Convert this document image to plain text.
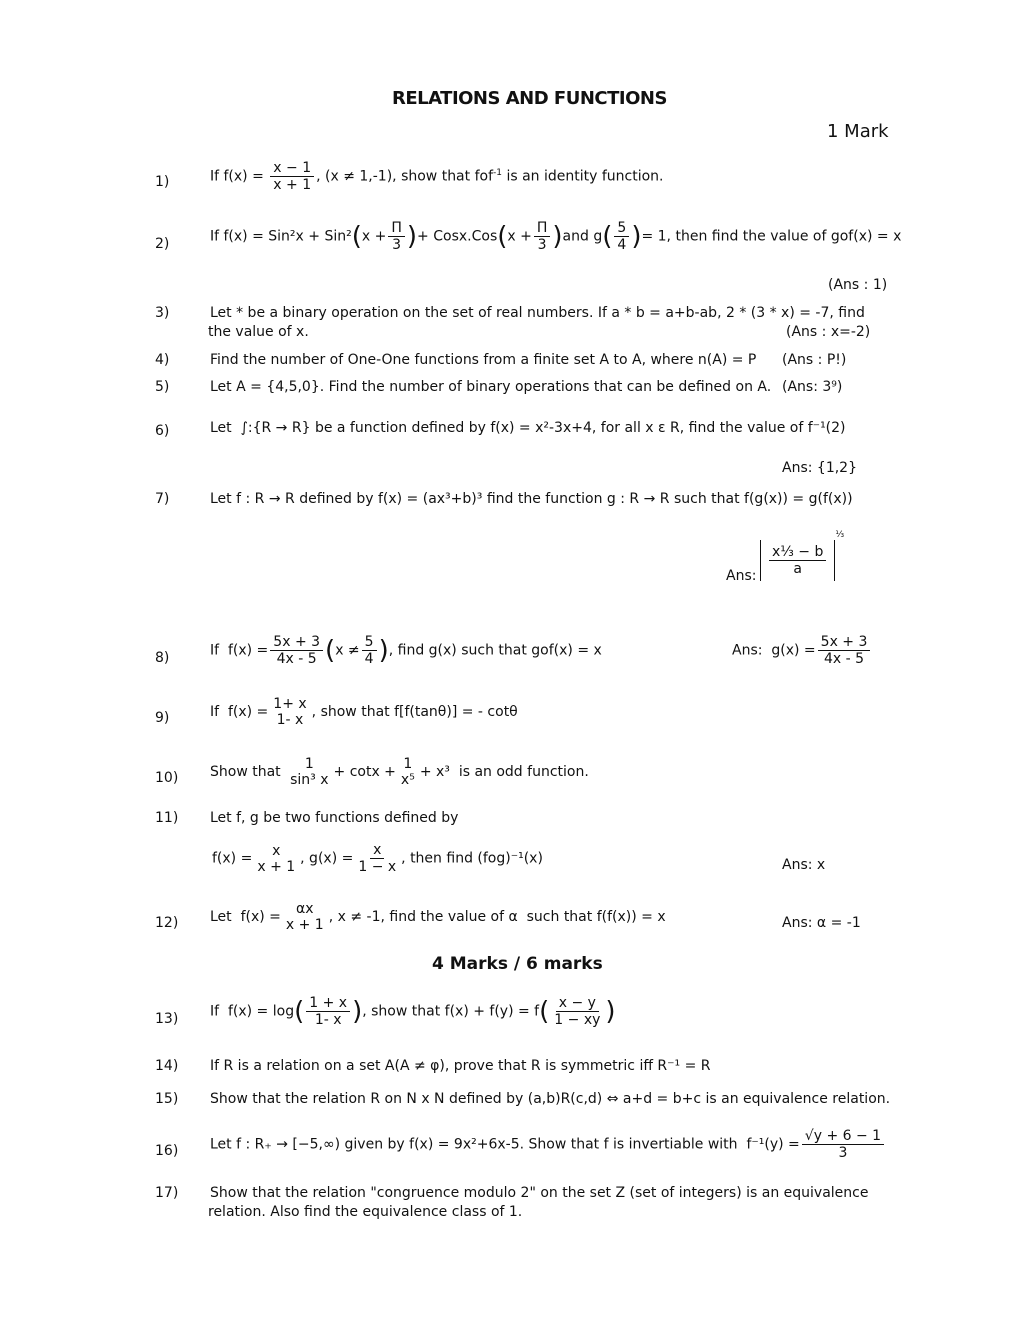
RELATIONS AND FUNCTIONS
1 Mark
1)	If $f(x) = \frac{x - 1}{x + 1}$ , (x ≠ 1,-1), show that fof$^{-1}$ is an identity function.
2)	If $f(x) = Sin^2x + Sin^2(x + \frac{\Pi}{3}$ )+ Cosx.Cos(x + $\frac{\Pi}{3} )and$ $g( \frac{5}{4}$ )= 1, then find the value of gof(x) = x
(Ans : 1)
3)	Let * be a binary operation on the set of real numbers. If a * b = a+b-ab, 2 * (3 * x) = -7, find
the value of x.	(Ans : x=-2)
4)	Find the number of One-One functions from a finite set A to A, where n(A) = P (Ans : P!)
5)	Let A = {4,5,0}. Find the number of binary operations that can be defined on A. (Ans: 3⁹)
6)	Let ∫:{R → R} be a function defined by f(x) = x²-3x+4, for all x ε R, find the value of f⁻¹(2)
Ans: {1,2}
7)	Let f : R → R defined by f(x) = (ax³+b)³ find the function g : R → R such that f(g(x)) = g(f(x))
Ans: $\frac{\text{x⅓ − b}}{a}$
$^{\frac{1}{3}}$
8)	If $f(x) = \frac{5x + 3}{4x - 5} (x \ne \frac{5}{4}$ ), find g(x) such that gof(x) = x	Ans: $g(x) = \frac{5x + 3}{4x - 5}$
9)	If f(x) =
1+ x
1- x , show that f[f(tanθ)] = - cotθ
10) Show that
1
sin³ x + cotx +
1
x⁵ + x³ is an odd function.
11) Let f, g be two functions defined by
f(x) =
x
x + 1 , $g(x) = \frac{x}{1 - x}$ , then find (fog)⁻¹(x)	Ans: x
12) Let f(x) =
αx
x + 1 , x ≠ -1, find the value of α such that f(f(x)) = x	Ans: α = -1
4 Marks / 6 marks
13) If $f(x) = \log( \frac{1 + x}{1- x}$ ), show that $f(x) + f(y) = f( \frac{x - y}{1 - xy}$ )
14) If R is a relation on a set A(A ≠ φ), prove that R is symmetric iff R⁻¹ = R
15) Show that the relation R on N x N defined by (a,b)R(c,d) ⇔ a+d = b+c is an equivalence relation.
16) Let f : R₊ → [−5,∞) given by f(x) = 9x²+6x-5. Show that f is invertiable with $f^{-1}(y) = \frac{√y + 6 - 1}{3}$
17) Show that the relation "congruence modulo 2" on the set Z (set of integers) is an equivalence
relation. Also find the equivalence class of 1.
